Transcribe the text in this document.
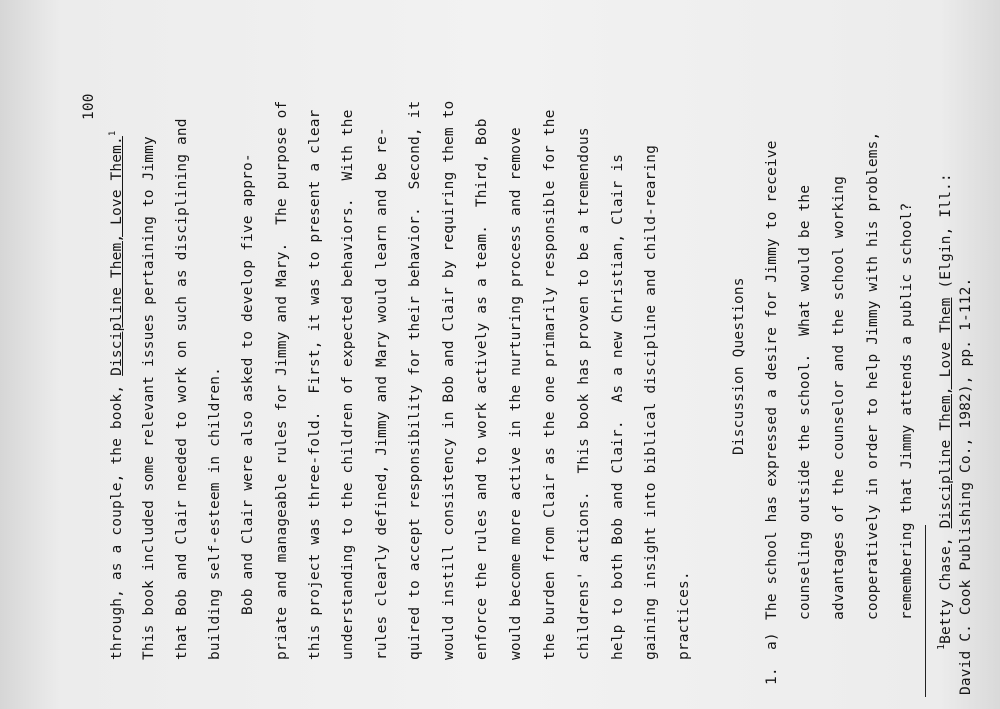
100
through, as a couple, the book, Discipline Them, Love Them.$^1$
This book included some relevant issues pertaining to Jimmy that Bob and Clair needed to work on such as disciplining and building self-esteem in children. Bob and Clair were also asked to develop five appro- priate and manageable rules for Jimmy and Mary.  The purpose of this project was three-fold.  First, it was to present a clear understanding to the children of expected behaviors.  With the rules clearly defined, Jimmy and Mary would learn and be re- quired to accept responsibility for their behavior.  Second, it would instill consistency in Bob and Clair by requiring them to enforce the rules and to work actively as a team.  Third, Bob would become more active in the nurturing process and remove the burden from Clair as the one primarily responsible for the childrens' actions.  This book has proven to be a tremendous help to both Bob and Clair.  As a new Christian, Clair is gaining insight into biblical discipline and child-rearing practices.
Discussion Questions
1.
a)
The school has expressed a desire for Jimmy to receive counseling outside the school.  What would be the advantages of the counselor and the school working cooperatively in order to help Jimmy with his problems, remembering that Jimmy attends a public school?
$^1$Betty Chase, Discipline Them, Love Them (Elgin, Ill.:
David C. Cook Publishing Co., 1982), pp. 1-112.
